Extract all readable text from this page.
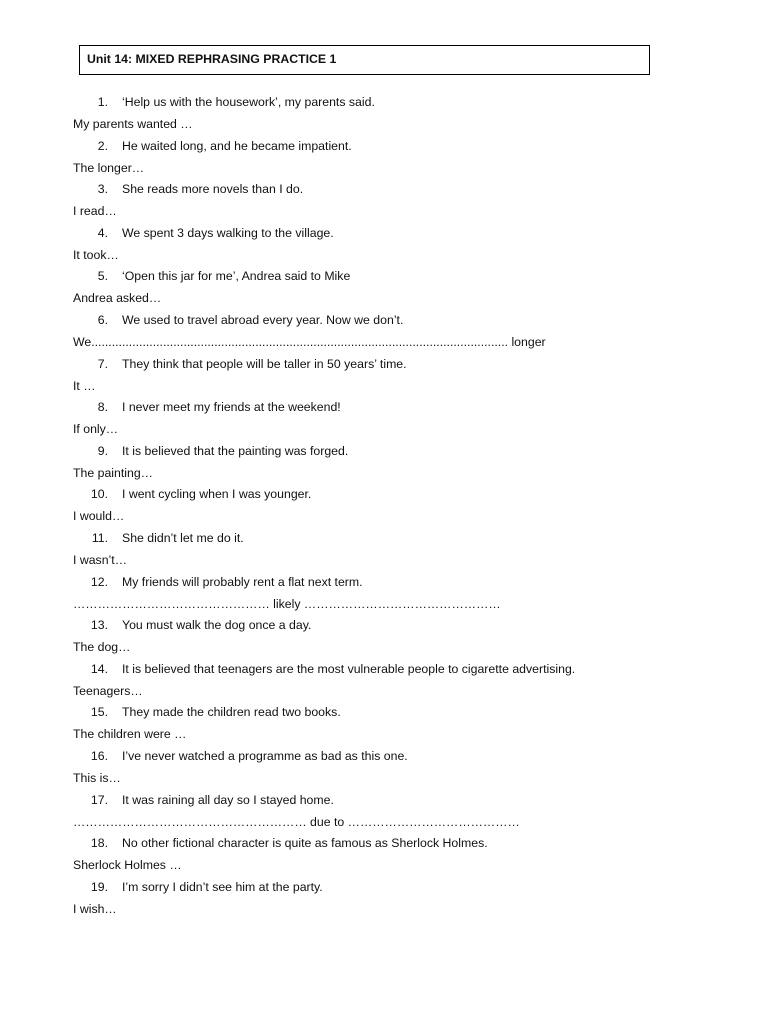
Unit 14: MIXED REPHRASING PRACTICE 1
1. ‘Help us with the housework’, my parents said.
My parents wanted …
2. He waited long, and he became impatient.
The longer…
3. She reads more novels than I do.
I read…
4. We spent 3 days walking to the village.
It took…
5. ‘Open this jar for me’, Andrea said to Mike
Andrea asked…
6. We used to travel abroad every year. Now we don’t.
We.......................................................................................................................... longer
7. They think that people will be taller in 50 years’ time.
It …
8. I never meet my friends at the weekend!
If only…
9. It is believed that the painting was forged.
The painting…
10. I went cycling when I was younger.
I would…
11. She didn’t let me do it.
I wasn’t…
12. My friends will probably rent a flat next term.
………………………………………… likely …………………………………………
13. You must walk the dog once a day.
The dog…
14. It is believed that teenagers are the most vulnerable people to cigarette advertising.
Teenagers…
15. They made the children read two books.
The children were …
16. I’ve never watched a programme as bad as this one.
This is…
17. It was raining all day so I stayed home.
………………………………………………… due to ……………………………………
18. No other fictional character is quite as famous as Sherlock Holmes.
Sherlock Holmes …
19. I’m sorry I didn’t see him at the party.
I wish…
